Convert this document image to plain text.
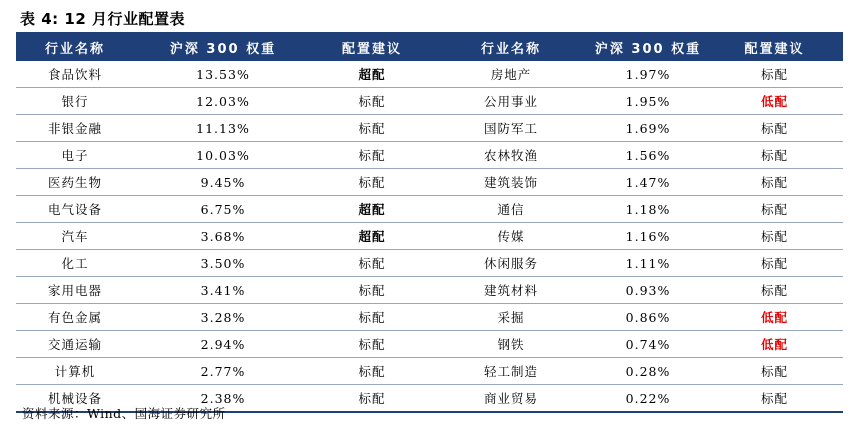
表 4: 12 月行业配置表
行业名称	沪深 300 权重	配置建议	行业名称	沪深 300 权重	配置建议
食品饮料	13.53%	超配	房地产	1.97%	标配
银行	12.03%	标配	公用事业	1.95%	低配
非银金融	11.13%	标配	国防军工	1.69%	标配
电子	10.03%	标配	农林牧渔	1.56%	标配
医药生物	9.45%	标配	建筑装饰	1.47%	标配
电气设备	6.75%	超配	通信	1.18%	标配
汽车	3.68%	超配	传媒	1.16%	标配
化工	3.50%	标配	休闲服务	1.11%	标配
家用电器	3.41%	标配	建筑材料	0.93%	标配
有色金属	3.28%	标配	采掘	0.86%	低配
交通运输	2.94%	标配	钢铁	0.74%	低配
计算机	2.77%	标配	轻工制造	0.28%	标配
机械设备	2.38%	标配	商业贸易	0.22%	标配
资料来源：Wind、国海证券研究所
